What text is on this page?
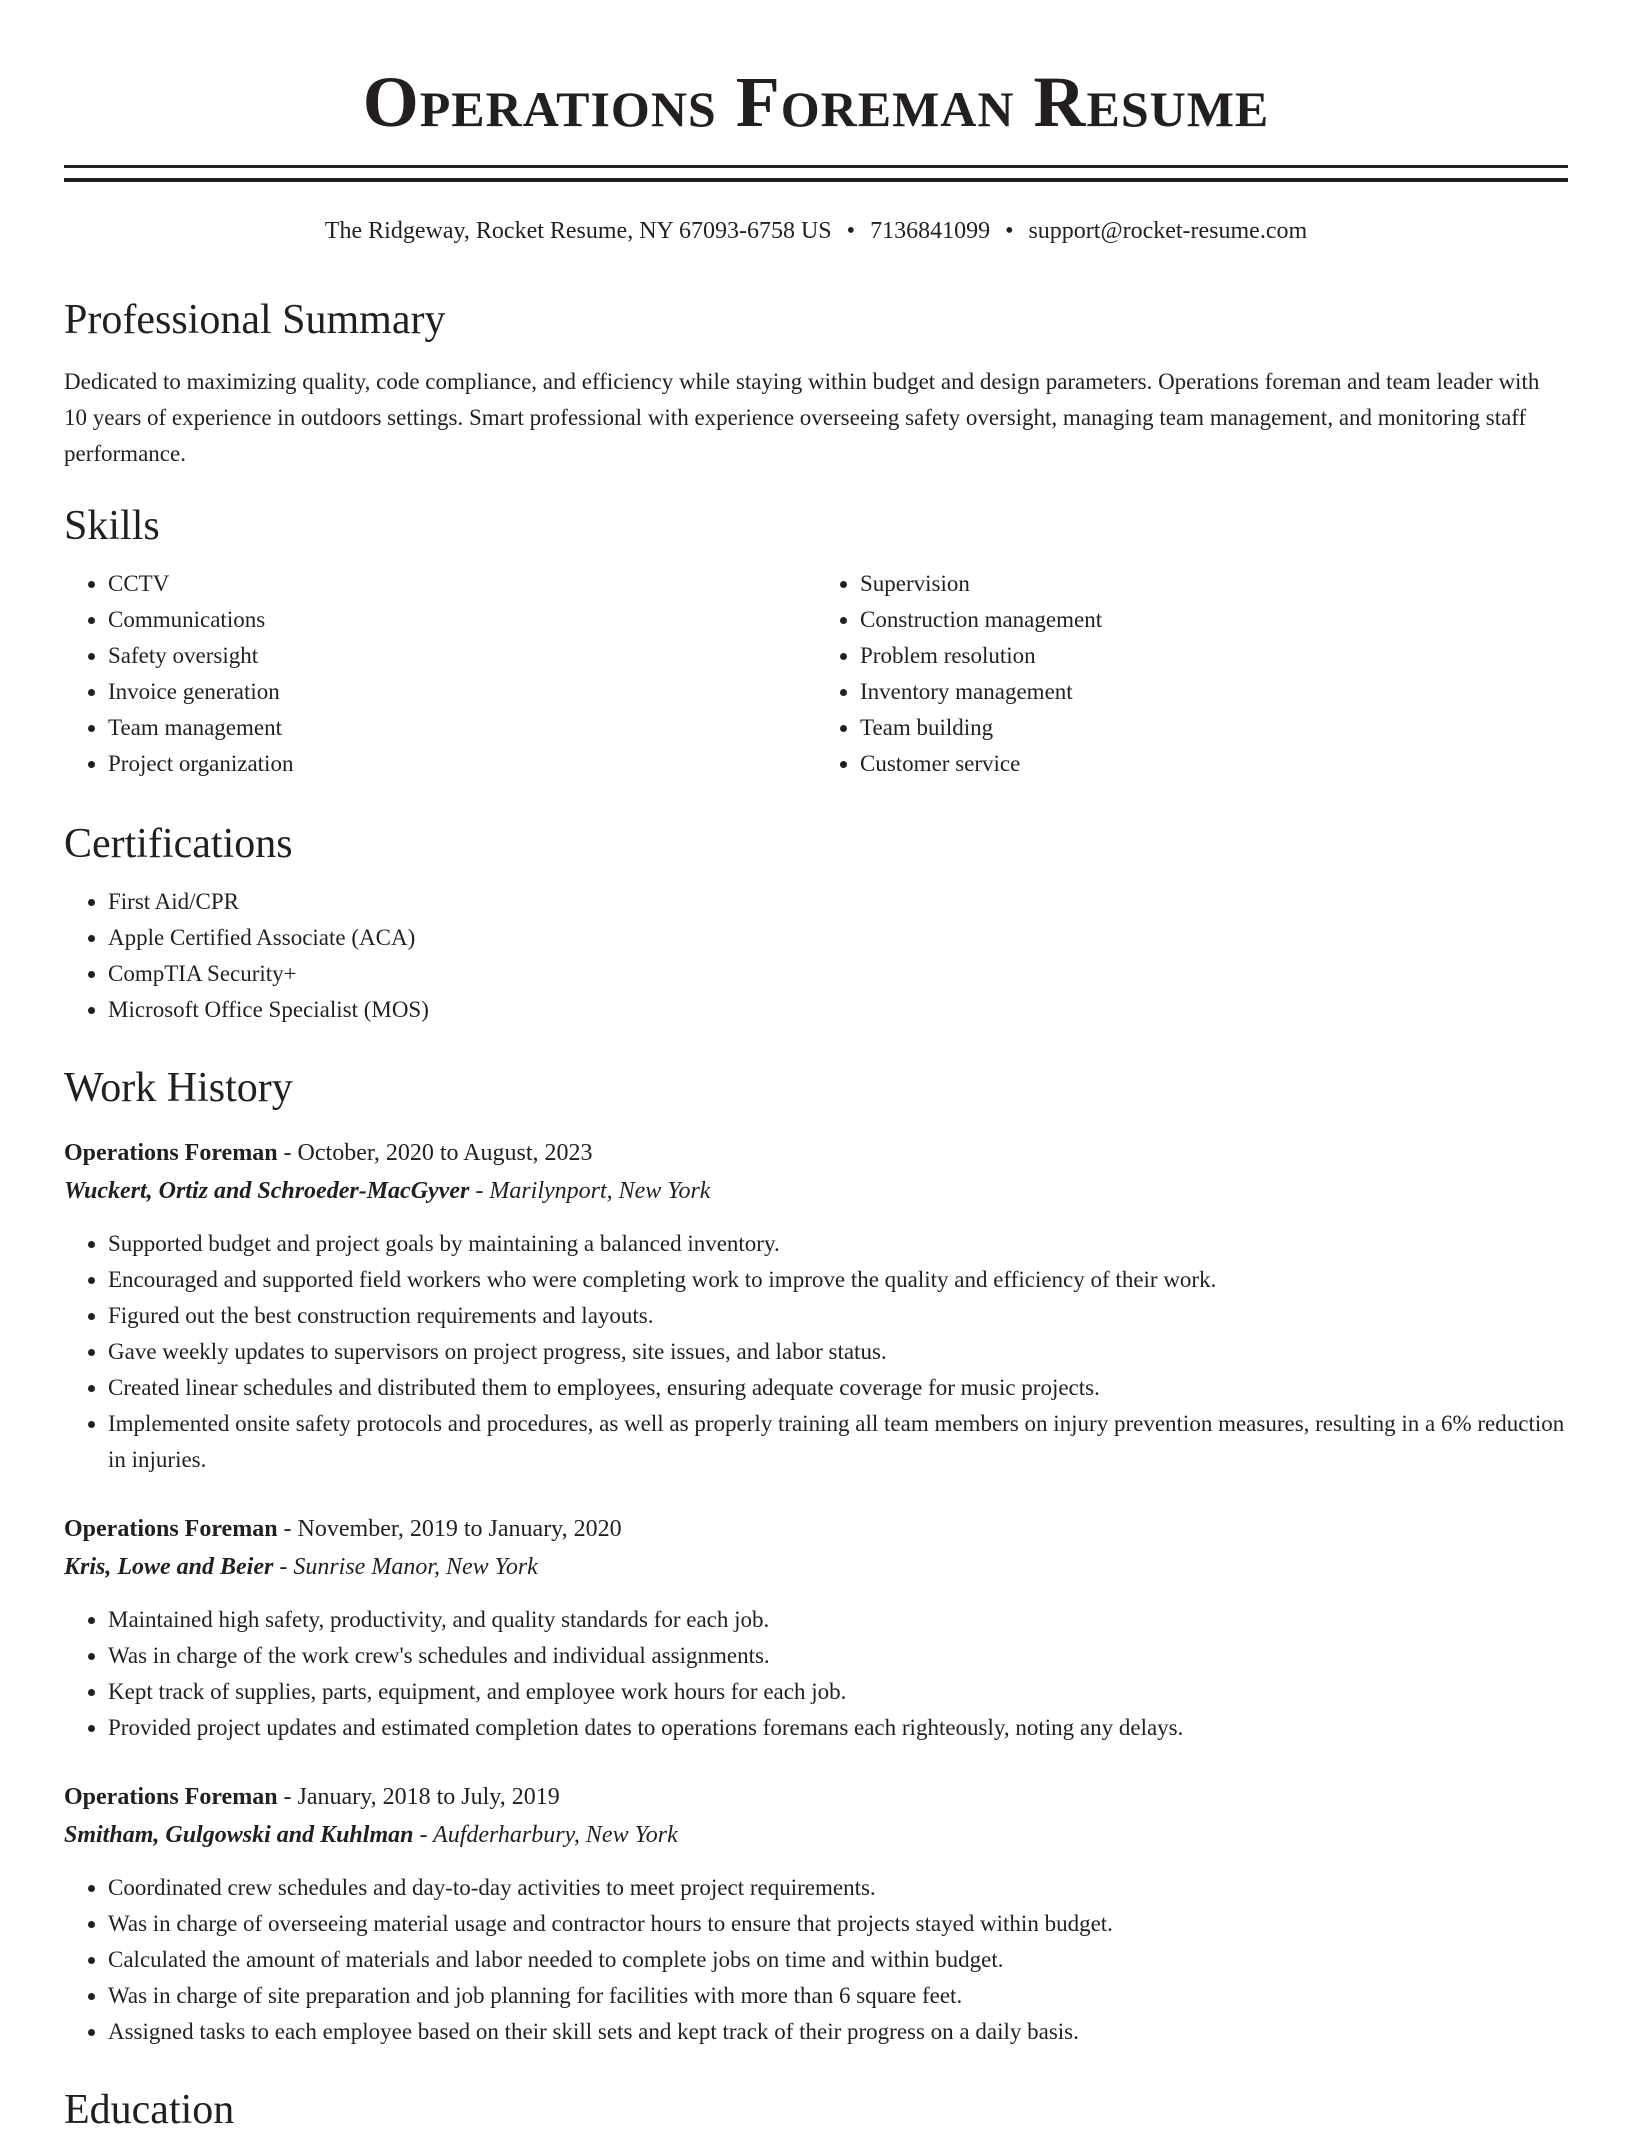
Operations Foreman Resume
The Ridgeway, Rocket Resume, NY 67093-6758 US • 7136841099 • support@rocket-resume.com
Professional Summary
Dedicated to maximizing quality, code compliance, and efficiency while staying within budget and design parameters. Operations foreman and team leader with 10 years of experience in outdoors settings. Smart professional with experience overseeing safety oversight, managing team management, and monitoring staff performance.
Skills
• CCTV
• Communications
• Safety oversight
• Invoice generation
• Team management
• Project organization
• Supervision
• Construction management
• Problem resolution
• Inventory management
• Team building
• Customer service
Certifications
• First Aid/CPR
• Apple Certified Associate (ACA)
• CompTIA Security+
• Microsoft Office Specialist (MOS)
Work History
Operations Foreman - October, 2020 to August, 2023
Wuckert, Ortiz and Schroeder-MacGyver - Marilynport, New York
• Supported budget and project goals by maintaining a balanced inventory.
• Encouraged and supported field workers who were completing work to improve the quality and efficiency of their work.
• Figured out the best construction requirements and layouts.
• Gave weekly updates to supervisors on project progress, site issues, and labor status.
• Created linear schedules and distributed them to employees, ensuring adequate coverage for music projects.
• Implemented onsite safety protocols and procedures, as well as properly training all team members on injury prevention measures, resulting in a 6% reduction in injuries.
Operations Foreman - November, 2019 to January, 2020
Kris, Lowe and Beier - Sunrise Manor, New York
• Maintained high safety, productivity, and quality standards for each job.
• Was in charge of the work crew's schedules and individual assignments.
• Kept track of supplies, parts, equipment, and employee work hours for each job.
• Provided project updates and estimated completion dates to operations foremans each righteously, noting any delays.
Operations Foreman - January, 2018 to July, 2019
Smitham, Gulgowski and Kuhlman - Aufderharbury, New York
• Coordinated crew schedules and day-to-day activities to meet project requirements.
• Was in charge of overseeing material usage and contractor hours to ensure that projects stayed within budget.
• Calculated the amount of materials and labor needed to complete jobs on time and within budget.
• Was in charge of site preparation and job planning for facilities with more than 6 square feet.
• Assigned tasks to each employee based on their skill sets and kept track of their progress on a daily basis.
Education
